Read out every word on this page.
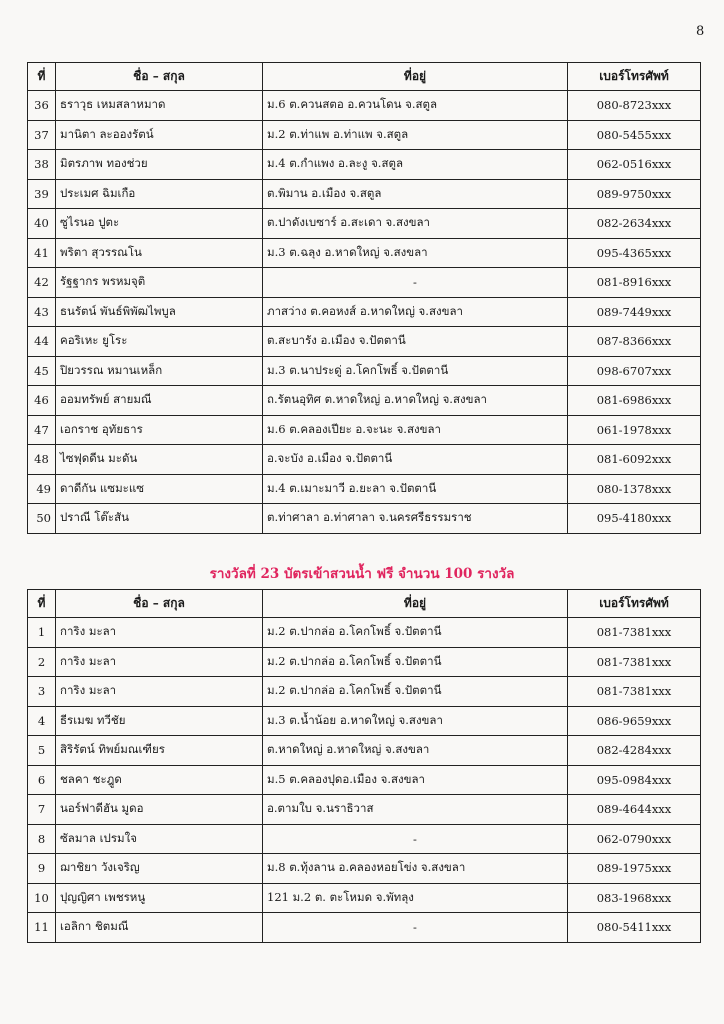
8
ที่	ชื่อ – สกุล	ที่อยู่	เบอร์โทรศัพท์
36	ธราวุธ เหมสลาหมาด	ม.6 ต.ควนสตอ อ.ควนโดน จ.สตูล	080-8723xxx
37	มานิตา ละอองรัตน์	ม.2 ต.ท่าแพ อ.ท่าแพ จ.สตูล	080-5455xxx
38	มิตรภาพ ทองช่วย	ม.4 ต.กำแพง อ.ละงู จ.สตูล	062-0516xxx
39	ประเมศ ฉิมเกือ	ต.พิมาน อ.เมือง จ.สตูล	089-9750xxx
40	ซูไรนอ ปูตะ	ต.ปาดังเบซาร์ อ.สะเดา จ.สงขลา	082-2634xxx
41	พริตา สุวรรณโน	ม.3 ต.ฉลุง อ.หาดใหญ่ จ.สงขลา	095-4365xxx
42	รัฐฐากร พรหมจุติ	-	081-8916xxx
43	ธนรัตน์ พันธ์พิพัฒไพบูล	ภาสว่าง ต.คอหงส์ อ.หาดใหญ่ จ.สงขลา	089-7449xxx
44	คอริเหะ ยูโระ	ต.สะบารัง อ.เมือง จ.ปัตตานี	087-8366xxx
45	ปิยวรรณ หมานเหล็ก	ม.3 ต.นาประดู่ อ.โคกโพธิ์ จ.ปัตตานี	098-6707xxx
46	ออมทรัพย์ สายมณี	ถ.รัตนอุทิศ ต.หาดใหญ่ อ.หาดใหญ่ จ.สงขลา	081-6986xxx
47	เอกราช อุทัยธาร	ม.6 ต.คลองเปียะ อ.จะนะ จ.สงขลา	061-1978xxx
48	ไซฟุดดีน มะดัน	อ.จะบัง อ.เมือง จ.ปัตตานี	081-6092xxx
49	ดาดีกัน แซมะแซ	ม.4 ต.เมาะมาวี อ.ยะลา จ.ปัตตานี	080-1378xxx
50	ปราณี โต๊ะสัน	ต.ท่าศาลา อ.ท่าศาลา จ.นครศรีธรรมราช	095-4180xxx
รางวัลที่ 23 บัตรเข้าสวนน้ำ ฟรี จำนวน 100 รางวัล
ที่	ชื่อ – สกุล	ที่อยู่	เบอร์โทรศัพท์
1	การิง มะลา	ม.2 ต.ปากล่อ อ.โคกโพธิ์ จ.ปัตตานี	081-7381xxx
2	การิง มะลา	ม.2 ต.ปากล่อ อ.โคกโพธิ์ จ.ปัตตานี	081-7381xxx
3	การิง มะลา	ม.2 ต.ปากล่อ อ.โคกโพธิ์ จ.ปัตตานี	081-7381xxx
4	ธีรเมฆ ทวีชัย	ม.3 ต.น้ำน้อย อ.หาดใหญ่ จ.สงขลา	086-9659xxx
5	สิริรัตน์ ทิพย์มณเฑียร	ต.หาดใหญ่ อ.หาดใหญ่ จ.สงขลา	082-4284xxx
6	ชลคา ชะฎูด	ม.5 ต.คลองปุดอ.เมือง จ.สงขลา	095-0984xxx
7	นอร์ฟาดีฮัน มูดอ	อ.ตามใบ จ.นราธิวาส	089-4644xxx
8	ซัลมาล เปรมใจ	-	062-0790xxx
9	ฌาชิยา วังเจริญ	ม.8 ต.ทุ้งลาน อ.คลองหอยโข่ง จ.สงขลา	089-1975xxx
10	ปุญญิศา เพชรหนู	121 ม.2 ต. ตะโหมด จ.พัทลุง	083-1968xxx
11	เอลิกา ชิตมณี	-	080-5411xxx
